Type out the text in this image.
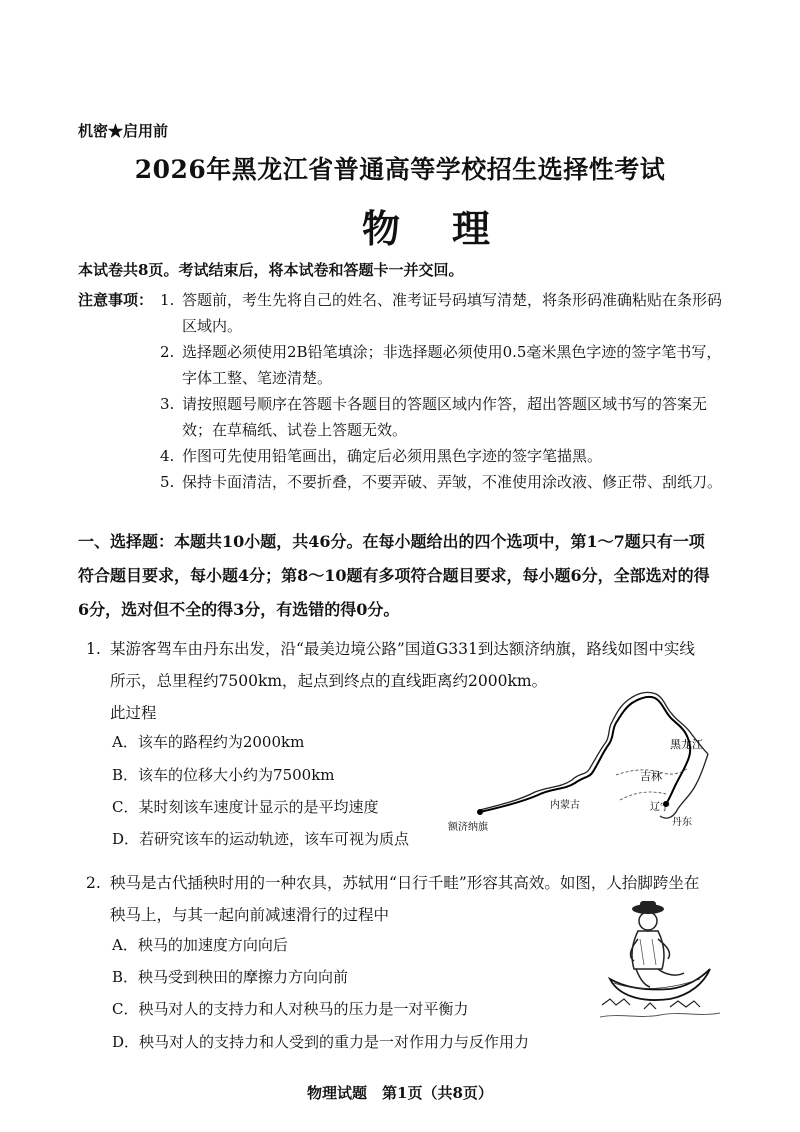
机密★启用前
2026年黑龙江省普通高等学校招生选择性考试
物理
本试卷共8页。考试结束后，将本试卷和答题卡一并交回。
注意事项： 1. 答题前，考生先将自己的姓名、准考证号码填写清楚，将条形码准确粘贴在条形码区域内。
2. 选择题必须使用2B铅笔填涂；非选择题必须使用0.5毫米黑色字迹的签字笔书写，字体工整、笔迹清楚。
3. 请按照题号顺序在答题卡各题目的答题区域内作答，超出答题区域书写的答案无效；在草稿纸、试卷上答题无效。
4. 作图可先使用铅笔画出，确定后必须用黑色字迹的签字笔描黑。
5. 保持卡面清洁，不要折叠，不要弄破、弄皱，不准使用涂改液、修正带、刮纸刀。
一、选择题：本题共10小题，共46分。在每小题给出的四个选项中，第1～7题只有一项符合题目要求，每小题4分；第8～10题有多项符合题目要求，每小题6分，全部选对的得6分，选对但不全的得3分，有选错的得0分。
1. 某游客驾车由丹东出发，沿“最美边境公路”国道G331到达额济纳旗，路线如图中实线所示，总里程约7500km，起点到终点的直线距离约2000km。
此过程
A．该车的路程约为2000km
B．该车的位移大小约为7500km
C．某时刻该车速度计显示的是平均速度
D．若研究该车的运动轨迹，该车可视为质点
黑龙江
吉林
辽宁
丹东
内蒙古
额济纳旗
2. 秧马是古代插秧时用的一种农具，苏轼用“日行千畦”形容其高效。如图，人抬脚跨坐在秧马上，与其一起向前减速滑行的过程中
A．秧马的加速度方向向后
B．秧马受到秧田的摩擦力方向向前
C．秧马对人的支持力和人对秧马的压力是一对平衡力
D．秧马对人的支持力和人受到的重力是一对作用力与反作用力
物理试题　第1页（共8页）
